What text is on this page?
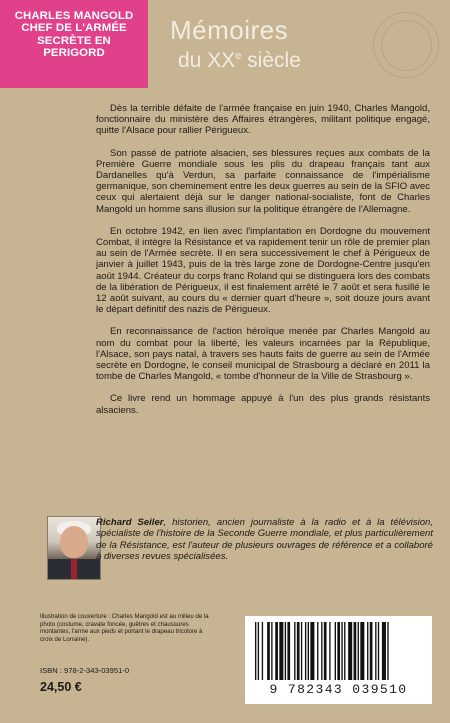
CHARLES MANGOLD
CHEF DE L'ARMÉE
SECRÈTE EN
PERIGORD
Mémoires
du XXe siècle

Dès la terrible défaite de l'armée française en juin 1940, Charles Mangold, fonctionnaire du ministère des Affaires étrangères, militant politique engagé, quitte l'Alsace pour rallier Périgueux.

Son passé de patriote alsacien, ses blessures reçues aux combats de la Première Guerre mondiale sous les plis du drapeau français tant aux Dardanelles qu'à Verdun, sa parfaite connaissance de l'impérialisme germanique, son cheminement entre les deux guerres au sein de la SFIO avec ceux qui alertaient déjà sur le danger national-socialiste, font de Charles Mangold un homme sans illusion sur la politique étrangère de l'Allemagne.

En octobre 1942, en lien avec l'implantation en Dordogne du mouvement Combat, il intègre la Résistance et va rapidement tenir un rôle de premier plan au sein de l'Armée secrète. Il en sera successivement le chef à Périgueux de janvier à juillet 1943, puis de la très large zone de Dordogne-Centre jusqu'en août 1944. Créateur du corps franc Roland qui se distinguera lors des combats de la libération de Périgueux, il est finalement arrêté le 7 août et sera fusillé le 12 août suivant, au cours du « dernier quart d'heure », soit douze jours avant le départ définitif des nazis de Périgueux.

En reconnaissance de l'action héroïque menée par Charles Mangold au nom du combat pour la liberté, les valeurs incarnées par la République, l'Alsace, son pays natal, à travers ses hauts faits de guerre au sein de l'Armée secrète en Dordogne, le conseil municipal de Strasbourg a déclaré en 2011 la tombe de Charles Mangold, « tombe d'honneur de la Ville de Strasbourg ».

Ce livre rend un hommage appuyé à l'un des plus grands résistants alsaciens.

Richard Seiler, historien, ancien journaliste à la radio et à la télévision, spécialiste de l'histoire de la Seconde Guerre mondiale, et plus particulièrement de la Résistance, est l'auteur de plusieurs ouvrages de référence et a collaboré à diverses revues spécialisées.

Illustration de couverture : Charles Mangold est au milieu de la photo (costume, cravate foncée, guêtres et chaussures montantes, l'arme aux pieds et portant le drapeau tricolore à croix de Lorraine).

ISBN : 978-2-343-03951-0
24,50 €	9 782343 039510
